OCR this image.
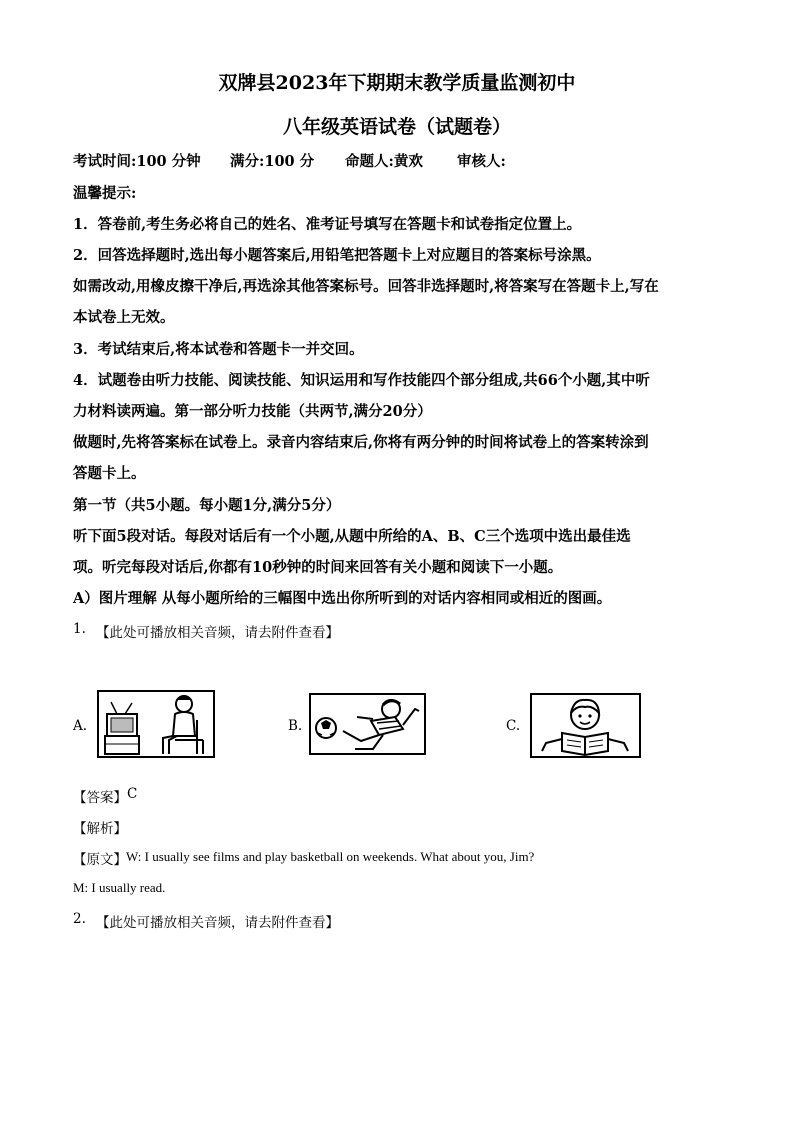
双牌县2023年下期期末教学质量监测初中
八年级英语试卷（试题卷）
考试时间:100 分钟 满分:100 分 命题人:黄欢 审核人:
温馨提示:
1．答卷前,考生务必将自己的姓名、准考证号填写在答题卡和试卷指定位置上。
2．回答选择题时,选出每小题答案后,用铅笔把答题卡上对应题目的答案标号涂黑。
如需改动,用橡皮擦干净后,再选涂其他答案标号。回答非选择题时,将答案写在答题卡上,写在
本试卷上无效。
3．考试结束后,将本试卷和答题卡一并交回。
4．试题卷由听力技能、阅读技能、知识运用和写作技能四个部分组成,共66个小题,其中听
力材料读两遍。第一部分听力技能（共两节,满分20分）
做题时,先将答案标在试卷上。录音内容结束后,你将有两分钟的时间将试卷上的答案转涂到
答题卡上。
第一节（共5小题。每小题1分,满分5分）
听下面5段对话。每段对话后有一个小题,从题中所给的A、B、C三个选项中选出最佳选
项。听完每段对话后,你都有10秒钟的时间来回答有关小题和阅读下一小题。
A）图片理解 从每小题所给的三幅图中选出你所听到的对话内容相同或相近的图画。
1. 【此处可播放相关音频，请去附件查看】
A.	B.	C.
【答案】 C
【解析】
【原文】 W: I usually see films and play basketball on weekends. What about you, Jim?
M: I usually read.
2. 【此处可播放相关音频，请去附件查看】
